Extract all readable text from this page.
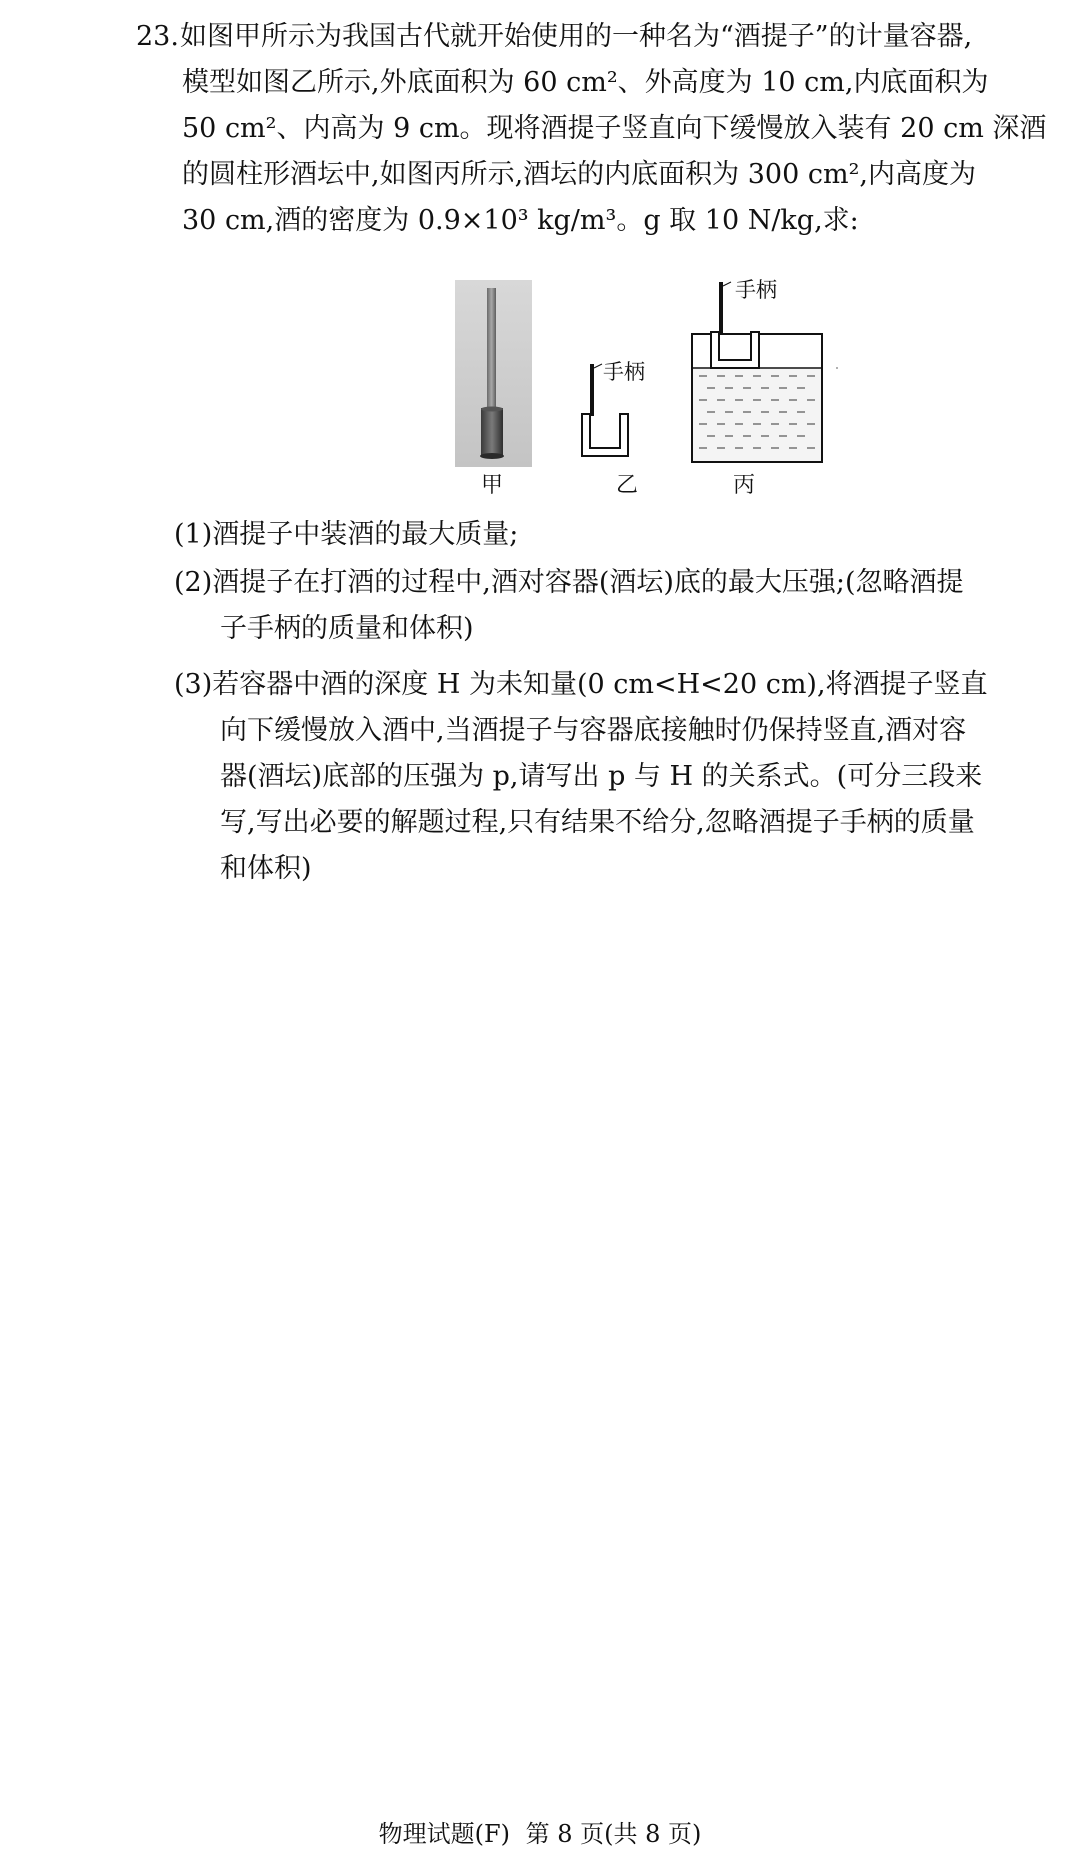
23.如图甲所示为我国古代就开始使用的一种名为“酒提子”的计量容器,

模型如图乙所示,外底面积为 60 cm²、外高度为 10 cm,内底面积为

50 cm²、内高为 9 cm。现将酒提子竖直向下缓慢放入装有 20 cm 深酒

的圆柱形酒坛中,如图丙所示,酒坛的内底面积为 300 cm²,内高度为

30 cm,酒的密度为 0.9×10³ kg/m³。g 取 10 N/kg,求:

手柄
手柄
甲	乙	丙

(1)酒提子中装酒的最大质量;

(2)酒提子在打酒的过程中,酒对容器(酒坛)底的最大压强;(忽略酒提

子手柄的质量和体积)

(3)若容器中酒的深度 H 为未知量(0 cm<H<20 cm),将酒提子竖直

向下缓慢放入酒中,当酒提子与容器底接触时仍保持竖直,酒对容

器(酒坛)底部的压强为 p,请写出 p 与 H 的关系式。(可分三段来

写,写出必要的解题过程,只有结果不给分,忽略酒提子手柄的质量

和体积)

物理试题(F) 第 8 页(共 8 页)
